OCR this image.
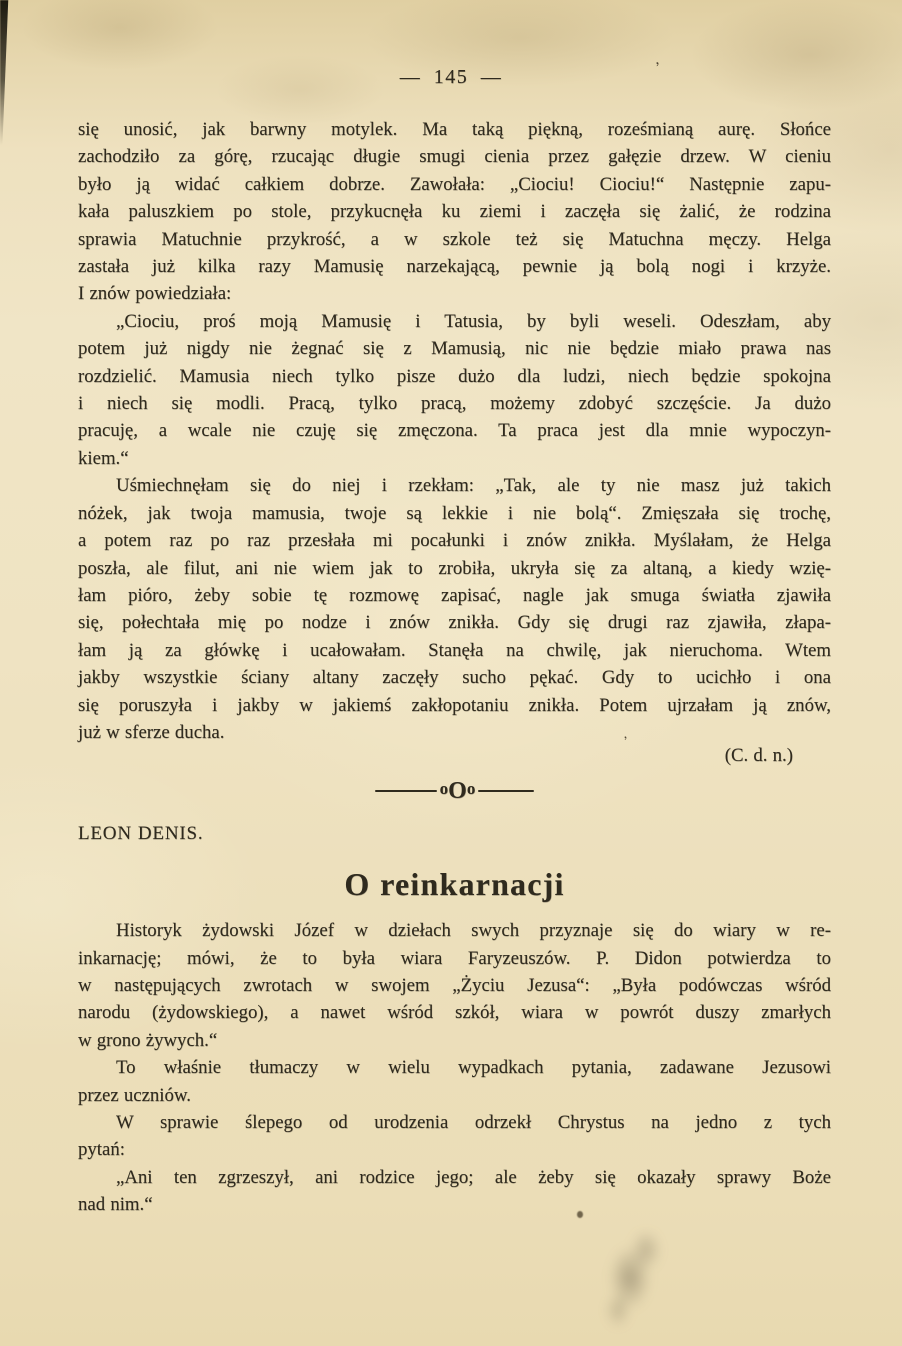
— 145 —	’
’
się unosić, jak barwny motylek. Ma taką piękną, roześmianą aurę. Słońce
zachodziło za górę, rzucając długie smugi cienia przez gałęzie drzew. W cieniu
było ją widać całkiem dobrze. Zawołała: „Ciociu! Ciociu!“ Następnie zapu-
kała paluszkiem po stole, przykucnęła ku ziemi i zaczęła się żalić, że rodzina
sprawia Matuchnie przykrość, a w szkole też się Matuchna męczy. Helga
zastała już kilka razy Mamusię narzekającą, pewnie ją bolą nogi i krzyże.
I znów powiedziała:
„Ciociu, proś moją Mamusię i Tatusia, by byli weseli. Odeszłam, aby
potem już nigdy nie żegnać się z Mamusią, nic nie będzie miało prawa nas
rozdzielić. Mamusia niech tylko pisze dużo dla ludzi, niech będzie spokojna
i niech się modli. Pracą, tylko pracą, możemy zdobyć szczęście. Ja dużo
pracuję, a wcale nie czuję się zmęczona. Ta praca jest dla mnie wypoczyn-
kiem.“
Uśmiechnęłam się do niej i rzekłam: „Tak, ale ty nie masz już takich
nóżek, jak twoja mamusia, twoje są lekkie i nie bolą“. Zmięszała się trochę,
a potem raz po raz przesłała mi pocałunki i znów znikła. Myślałam, że Helga
poszła, ale filut, ani nie wiem jak to zrobiła, ukryła się za altaną, a kiedy wzię-
łam pióro, żeby sobie tę rozmowę zapisać, nagle jak smuga światła zjawiła
się, połechtała mię po nodze i znów znikła. Gdy się drugi raz zjawiła, złapa-
łam ją za główkę i ucałowałam. Stanęła na chwilę, jak nieruchoma. Wtem
jakby wszystkie ściany altany zaczęły sucho pękać. Gdy to ucichło i ona
się poruszyła i jakby w jakiemś zakłopotaniu znikła. Potem ujrzałam ją znów,
już w sferze ducha.
(C. d. n.)
oOo
LEON DENIS.
O reinkarnacji
Historyk żydowski Józef w dziełach swych przyznaje się do wiary w re-
inkarnację; mówi, że to była wiara Faryzeuszów. P. Didon potwierdza to
w następujących zwrotach w swojem „Życiu Jezusa“: „Była podówczas wśród
narodu (żydowskiego), a nawet wśród szkół, wiara w powrót duszy zmarłych
w grono żywych.“
To właśnie tłumaczy w wielu wypadkach pytania, zadawane Jezusowi
przez uczniów.
W sprawie ślepego od urodzenia odrzekł Chrystus na jedno z tych
pytań:
„Ani ten zgrzeszył, ani rodzice jego; ale żeby się okazały sprawy Boże
nad nim.“
